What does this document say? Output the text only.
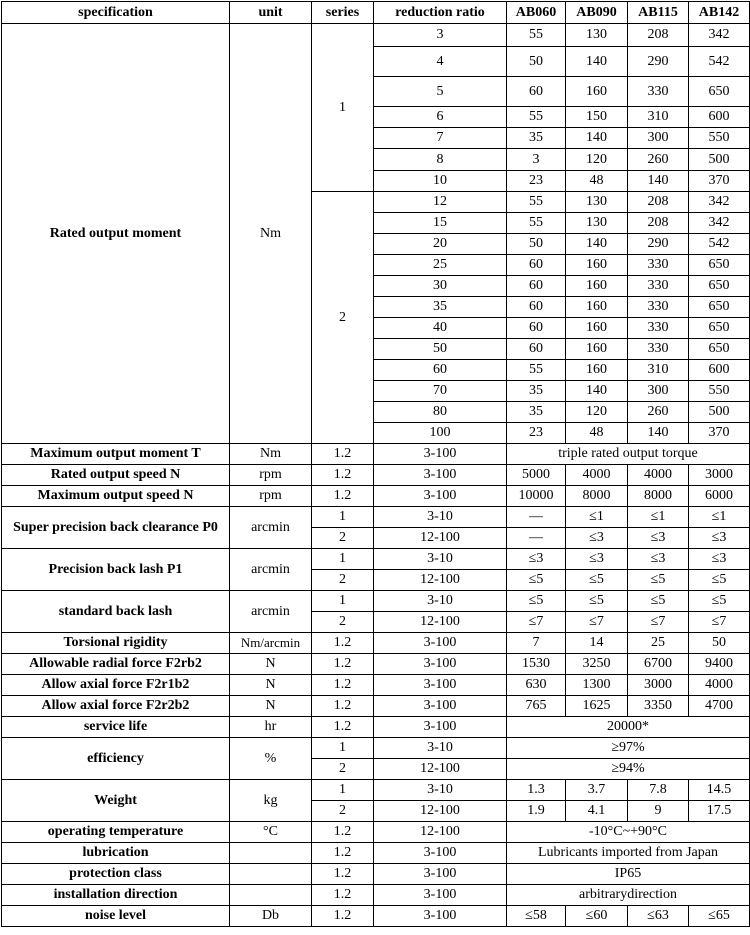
specification	unit	series	reduction ratio	AB060	AB090	AB115	AB142
Rated output moment	Nm	1	3	55	130	208	342
			4	50	140	290	542
			5	60	160	330	650
			6	55	150	310	600
			7	35	140	300	550
			8	3	120	260	500
			10	23	48	140	370
		2	12	55	130	208	342
			15	55	130	208	342
			20	50	140	290	542
			25	60	160	330	650
			30	60	160	330	650
			35	60	160	330	650
			40	60	160	330	650
			50	60	160	330	650
			60	55	160	310	600
			70	35	140	300	550
			80	35	120	260	500
			100	23	48	140	370
Maximum output moment T	Nm	1.2	3-100	triple rated output torque			
Rated output speed N	rpm	1.2	3-100	5000	4000	4000	3000
Maximum output speed N	rpm	1.2	3-100	10000	8000	8000	6000
Super precision back clearance P0	arcmin	1	3-10	—	≤1	≤1	≤1
		2	12-100	—	≤3	≤3	≤3
Precision back lash P1	arcmin	1	3-10	≤3	≤3	≤3	≤3
		2	12-100	≤5	≤5	≤5	≤5
standard back lash	arcmin	1	3-10	≤5	≤5	≤5	≤5
		2	12-100	≤7	≤7	≤7	≤7
Torsional rigidity	Nm/arcmin	1.2	3-100	7	14	25	50
Allowable radial force F2rb2	N	1.2	3-100	1530	3250	6700	9400
Allow axial force F2r1b2	N	1.2	3-100	630	1300	3000	4000
Allow axial force F2r2b2	N	1.2	3-100	765	1625	3350	4700
service life	hr	1.2	3-100	20000*			
efficiency	%	1	3-10	≥97%			
		2	12-100	≥94%			
Weight	kg	1	3-10	1.3	3.7	7.8	14.5
		2	12-100	1.9	4.1	9	17.5
operating temperature	°C	1.2	12-100	-10°C~+90°C			
lubrication		1.2	3-100	Lubricants imported from Japan			
protection class		1.2	3-100	IP65			
installation direction		1.2	3-100	arbitrarydirection			
noise level	Db	1.2	3-100	≤58	≤60	≤63	≤65
